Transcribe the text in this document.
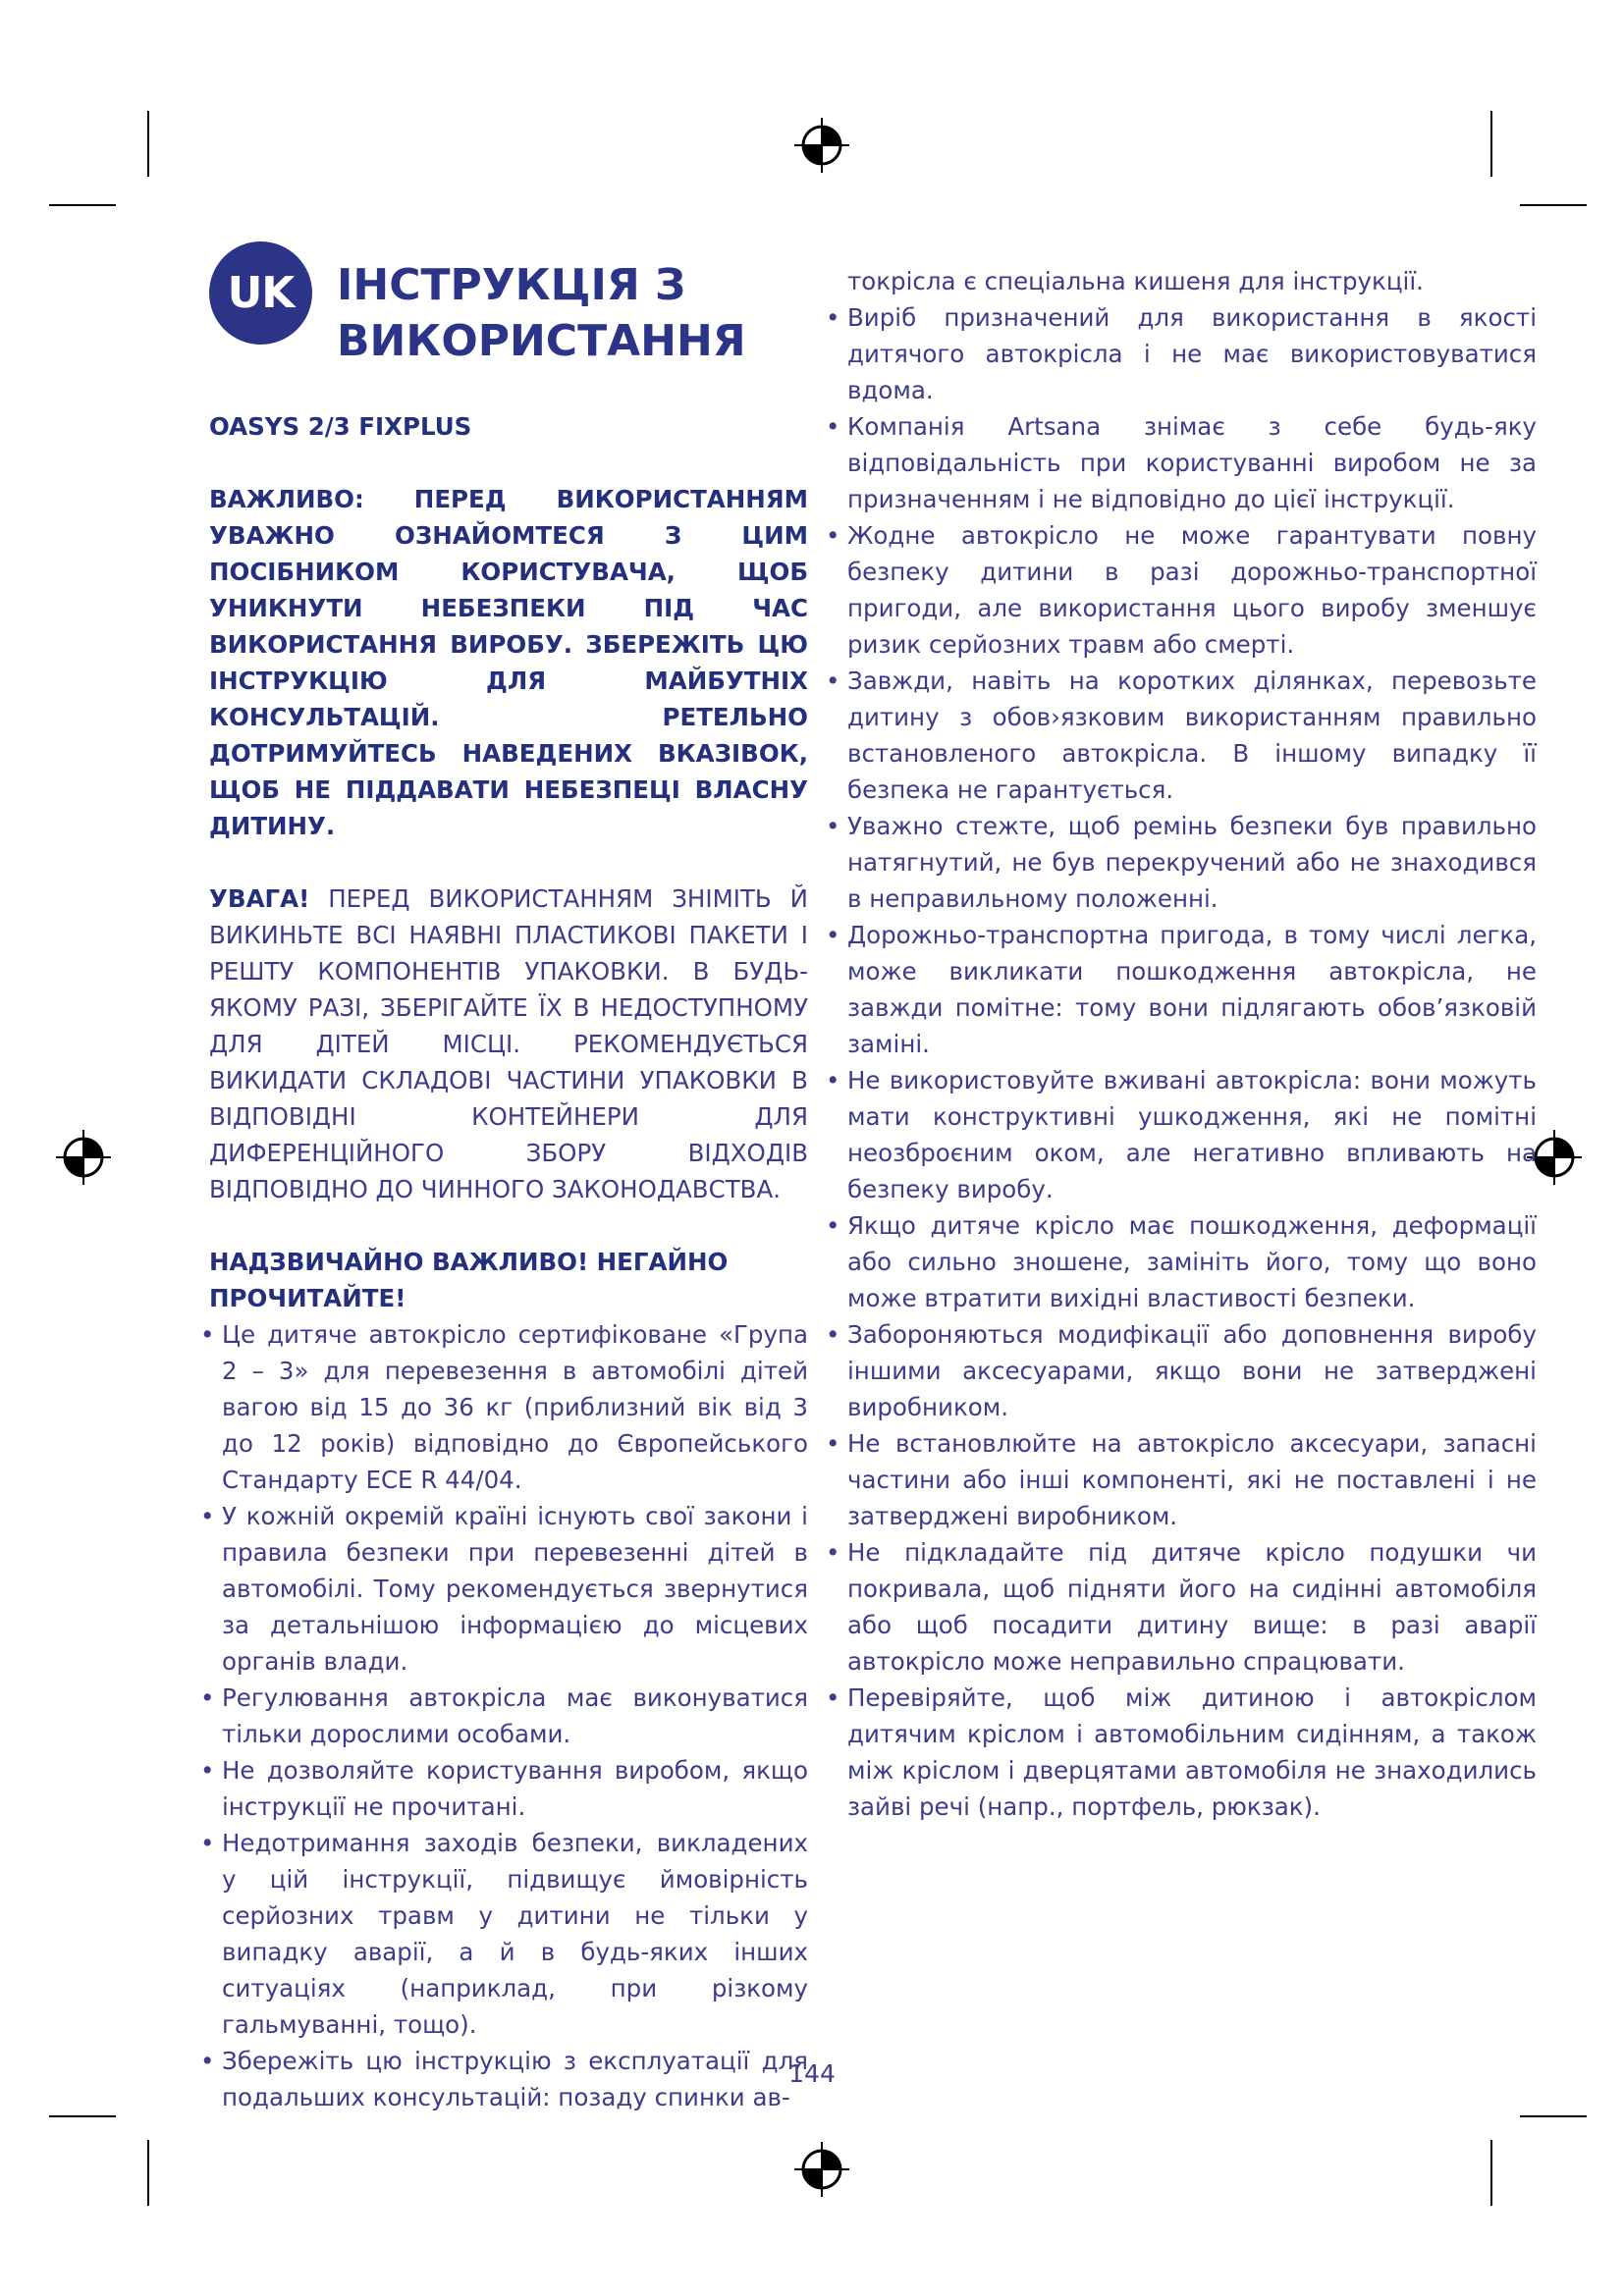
UK ІНСТРУКЦІЯ З ВИКОРИСТАННЯ

OASYS 2/3 FIXPLUS

ВАЖЛИВО: ПЕРЕД ВИКОРИСТАННЯМ УВАЖНО ОЗНАЙОМТЕСЯ З ЦИМ ПОСІБНИКОМ КОРИСТУВАЧА, ЩОБ УНИКНУТИ НЕБЕЗПЕКИ ПІД ЧАС ВИКОРИСТАННЯ ВИРОБУ. ЗБЕРЕЖІТЬ ЦЮ ІНСТРУКЦІЮ ДЛЯ МАЙБУТНІХ КОНСУЛЬТАЦІЙ. РЕТЕЛЬНО ДОТРИМУЙТЕСЬ НАВЕДЕНИХ ВКАЗІВОК, ЩОБ НЕ ПІДДАВАТИ НЕБЕЗПЕЦІ ВЛАСНУ ДИТИНУ.

УВАГА! ПЕРЕД ВИКОРИСТАННЯМ ЗНІМІТЬ Й ВИКИНЬТЕ ВСІ НАЯВНІ ПЛАСТИКОВІ ПАКЕТИ І РЕШТУ КОМПОНЕНТІВ УПАКОВКИ. В БУДЬ-ЯКОМУ РАЗІ, ЗБЕРІГАЙТЕ ЇХ В НЕДОСТУПНОМУ ДЛЯ ДІТЕЙ МІСЦІ. РЕКОМЕНДУЄТЬСЯ ВИКИДАТИ СКЛАДОВІ ЧАСТИНИ УПАКОВКИ В ВІДПОВІДНІ КОНТЕЙНЕРИ ДЛЯ ДИФЕРЕНЦІЙНОГО ЗБОРУ ВІДХОДІВ ВІДПОВІДНО ДО ЧИННОГО ЗАКОНОДАВСТВА.

НАДЗВИЧАЙНО ВАЖЛИВО! НЕГАЙНО ПРОЧИТАЙТЕ!

• Це дитяче автокрісло сертифіковане «Група 2 – 3» для перевезення в автомобілі дітей вагою від 15 до 36 кг (приблизний вік від 3 до 12 років) відповідно до Європейського Стандарту ECE R 44/04.
• У кожній окремій країні існують свої закони і правила безпеки при перевезенні дітей в автомобілі. Тому рекомендується звернутися за детальнішою інформацією до місцевих органів влади.
• Регулювання автокрісла має виконуватися тільки дорослими особами.
• Не дозволяйте користування виробом, якщо інструкції не прочитані.
• Недотримання заходів безпеки, викладених у цій інструкції, підвищує ймовірність серйозних травм у дитини не тільки у випадку аварії, а й в будь-яких інших ситуаціях (наприклад, при різкому гальмуванні, тощо).
• Збережіть цю інструкцію з експлуатації для подальших консультацій: позаду спинки ав-

токрісла є спеціальна кишеня для інструкції.

• Виріб призначений для використання в якості дитячого автокрісла і не має використовуватися вдома.
• Компанія Artsana знімає з себе будь-яку відповідальність при користуванні виробом не за призначенням і не відповідно до цієї інструкції.
• Жодне автокрісло не може гарантувати повну безпеку дитини в разі дорожньо-транспортної пригоди, але використання цього виробу зменшує ризик серйозних травм або смерті.
• Завжди, навіть на коротких ділянках, перевозьте дитину з обов›язковим використанням правильно встановленого автокрісла. В іншому випадку її безпека не гарантується.
• Уважно стежте, щоб ремінь безпеки був правильно натягнутий, не був перекручений або не знаходився в неправильному положенні.
• Дорожньо-транспортна пригода, в тому числі легка, може викликати пошкодження автокрісла, не завжди помітне: тому вони підлягають обов’язковій заміні.
• Не використовуйте вживані автокрісла: вони можуть мати конструктивні ушкодження, які не помітні неозброєним оком, але негативно впливають на безпеку виробу.
• Якщо дитяче крісло має пошкодження, деформації або сильно зношене, замініть його, тому що воно може втратити вихідні властивості безпеки.
• Забороняються модифікації або доповнення виробу іншими аксесуарами, якщо вони не затверджені виробником.
• Не встановлюйте на автокрісло аксесуари, запасні частини або інші компоненті, які не поставлені і не затверджені виробником.
• Не підкладайте під дитяче крісло подушки чи покривала, щоб підняти його на сидінні автомобіля або щоб посадити дитину вище: в разі аварії автокрісло може неправильно спрацювати.
• Перевіряйте, щоб між дитиною і автокріслом дитячим кріслом і автомобільним сидінням, а також між кріслом і дверцятами автомобіля не знаходились зайві речі (напр., портфель, рюкзак).
144
